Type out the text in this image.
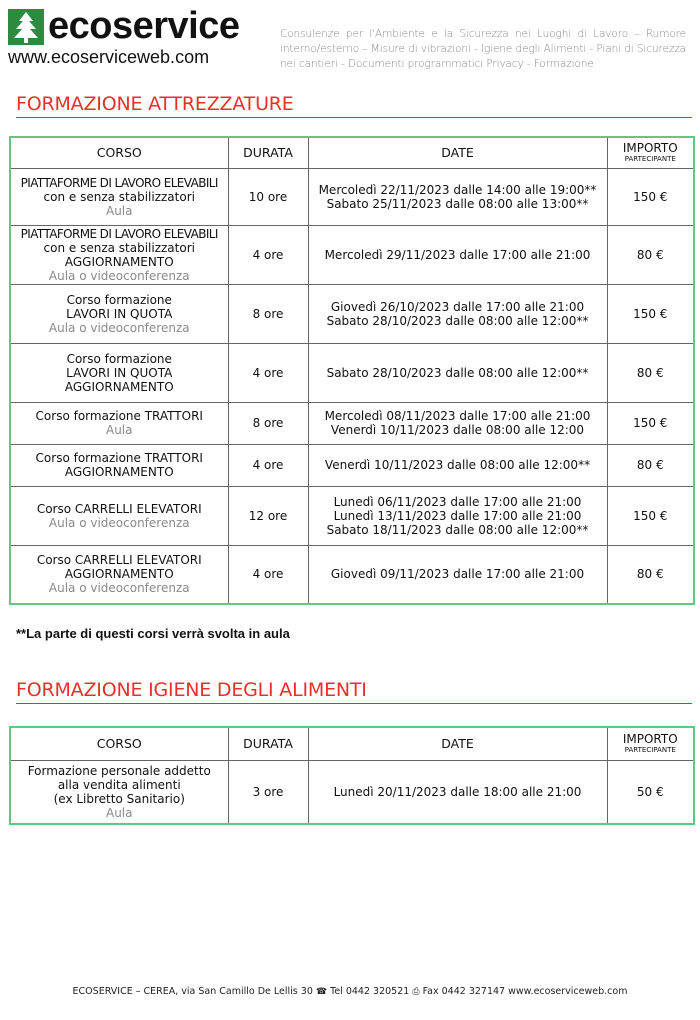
ecoservice
www.ecoserviceweb.com
Consulenze per l'Ambiente e la Sicurezza nei Luoghi di Lavoro – Rumore interno/esterno – Misure di vibrazioni - Igiene degli Alimenti - Piani di Sicurezza nei cantieri - Documenti programmatici Privacy - Formazione
FORMAZIONE ATTREZZATURE
CORSO	DURATA	DATE	IMPORTO
PARTECIPANTE

PIATTAFORME DI LAVORO ELEVABILI
con e senza stabilizzatori
Aula	10 ore	Mercoledì 22/11/2023 dalle 14:00 alle 19:00**
Sabato 25/11/2023 dalle 08:00 alle 13:00**	150 €

PIATTAFORME DI LAVORO ELEVABILI
con e senza stabilizzatori
AGGIORNAMENTO
Aula o videoconferenza	4 ore	Mercoledì 29/11/2023 dalle 17:00 alle 21:00	80 €

Corso formazione
LAVORI IN QUOTA
Aula o videoconferenza	8 ore	Giovedì 26/10/2023 dalle 17:00 alle 21:00
Sabato 28/10/2023 dalle 08:00 alle 12:00**	150 €

Corso formazione
LAVORI IN QUOTA
AGGIORNAMENTO	4 ore	Sabato 28/10/2023 dalle 08:00 alle 12:00**	80 €

Corso formazione TRATTORI
Aula	8 ore	Mercoledì 08/11/2023 dalle 17:00 alle 21:00
Venerdì 10/11/2023 dalle 08:00 alle 12:00	150 €

Corso formazione TRATTORI
AGGIORNAMENTO	4 ore	Venerdì 10/11/2023 dalle 08:00 alle 12:00**	80 €

Corso CARRELLI ELEVATORI
Aula o videoconferenza	12 ore	Lunedì 06/11/2023 dalle 17:00 alle 21:00
Lunedì 13/11/2023 dalle 17:00 alle 21:00
Sabato 18/11/2023 dalle 08:00 alle 12:00**	150 €

Corso CARRELLI ELEVATORI
AGGIORNAMENTO
Aula o videoconferenza	4 ore	Giovedì 09/11/2023 dalle 17:00 alle 21:00	80 €
**La parte di questi corsi verrà svolta in aula
FORMAZIONE IGIENE DEGLI ALIMENTI
CORSO	DURATA	DATE	IMPORTO
PARTECIPANTE

Formazione personale addetto
alla vendita alimenti
(ex Libretto Sanitario)
Aula	3 ore	Lunedì 20/11/2023 dalle 18:00 alle 21:00	50 €
ECOSERVICE – CEREA, via San Camillo De Lellis 30 ☎ Tel 0442 320521 ⎙ Fax 0442 327147 www.ecoserviceweb.com
